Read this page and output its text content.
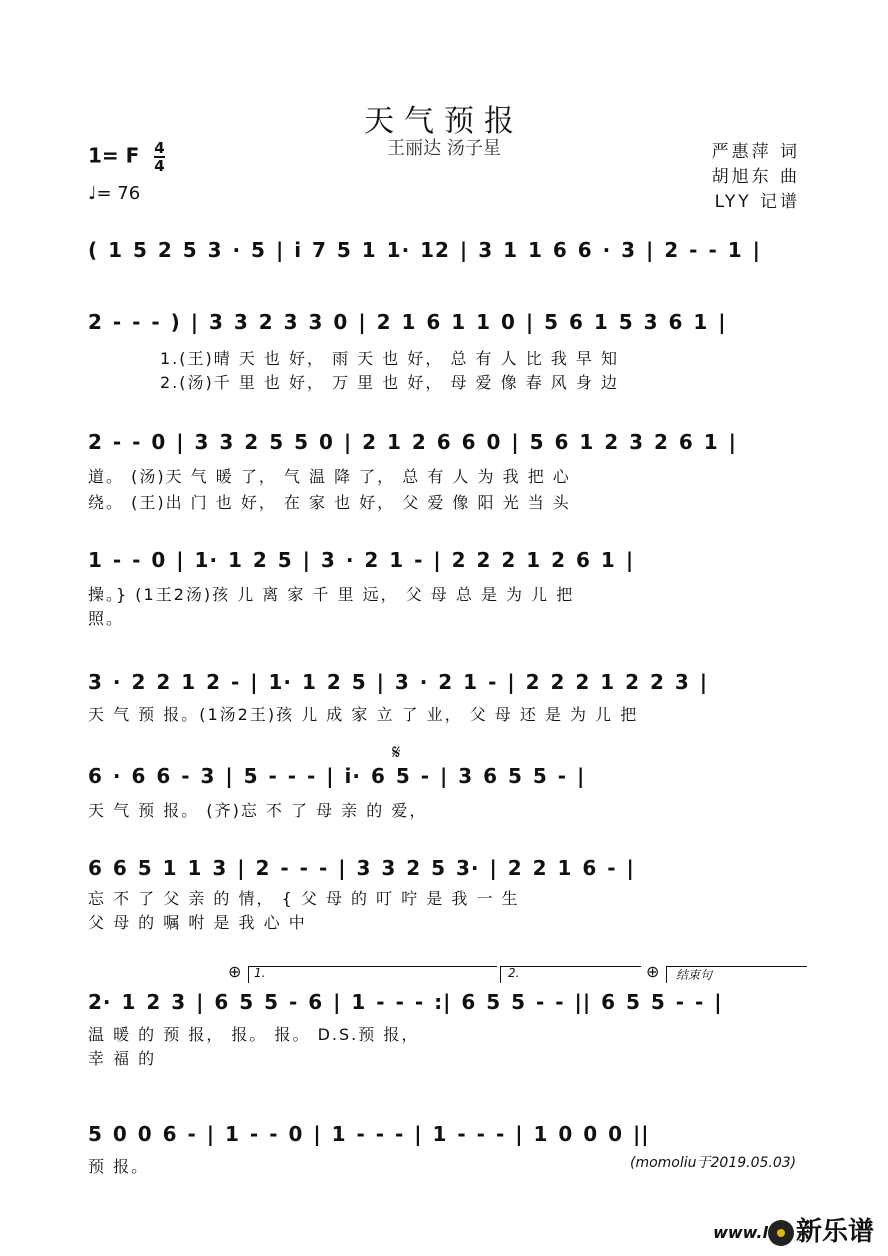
天气预报
王丽达 汤子星
1= F $\frac{4}{4}$
♩= 76
严惠萍 词
胡旭东 曲
LYY 记谱
( 1 5 2 5 3 · 5 | i 7 5 1 1· 12 | 3 1 1 6 6 · 3 | 2 - - 1 |
2 - - - ) | 3 3 2 3 3 0 | 2 1 6 1 1 0 | 5 6 1 5 3 6 1 |
1.(王)晴 天 也 好， 雨 天 也 好， 总 有 人 比 我 早 知
2.(汤)千 里 也 好， 万 里 也 好， 母 爱 像 春 风 身 边
2 - - 0 | 3 3 2 5 5 0 | 2 1 2 6 6 0 | 5 6 1 2 3 2 6 1 |
道。 (汤)天 气 暖 了， 气 温 降 了， 总 有 人 为 我 把 心
绕。 (王)出 门 也 好， 在 家 也 好， 父 爱 像 阳 光 当 头
1 - - 0 | 1· 1 2 5 | 3 · 2 1 - | 2 2 2 1 2 6 1 |
操。} (1王2汤)孩 儿 离 家 千 里 远， 父 母 总 是 为 儿 把
照。
3 · 2 2 1 2 - | 1· 1 2 5 | 3 · 2 1 - | 2 2 2 1 2 2 3 |
天 气 预 报。(1汤2王)孩 儿 成 家 立 了 业， 父 母 还 是 为 儿 把
𝄋
6 · 6 6 - 3 | 5 - - - | i· 6 5 - | 3 6 5 5 - |
天 气 预 报。 (齐)忘 不 了 母 亲 的 爱，
6 6 5 1 1 3 | 2 - - - | 3 3 2 5 3· | 2 2 1 6 - |
忘 不 了 父 亲 的 情， { 父 母 的 叮 咛 是 我 一 生
父 母 的 嘱 咐 是 我 心 中
⊕ 1.	2.	⊕ 结束句
2· 1 2 3 | 6 5 5 - 6 | 1 - - - :| 6 5 5 - - || 6 5 5 - - |
温 暖 的 预 报， 报。 报。 D.S.预 报，
幸 福 的
5 0 0 6 - | 1 - - 0 | 1 - - - | 1 - - - | 1 0 0 0 ||
预 报。	(momoliu于2019.05.03)
www.l 新乐谱
